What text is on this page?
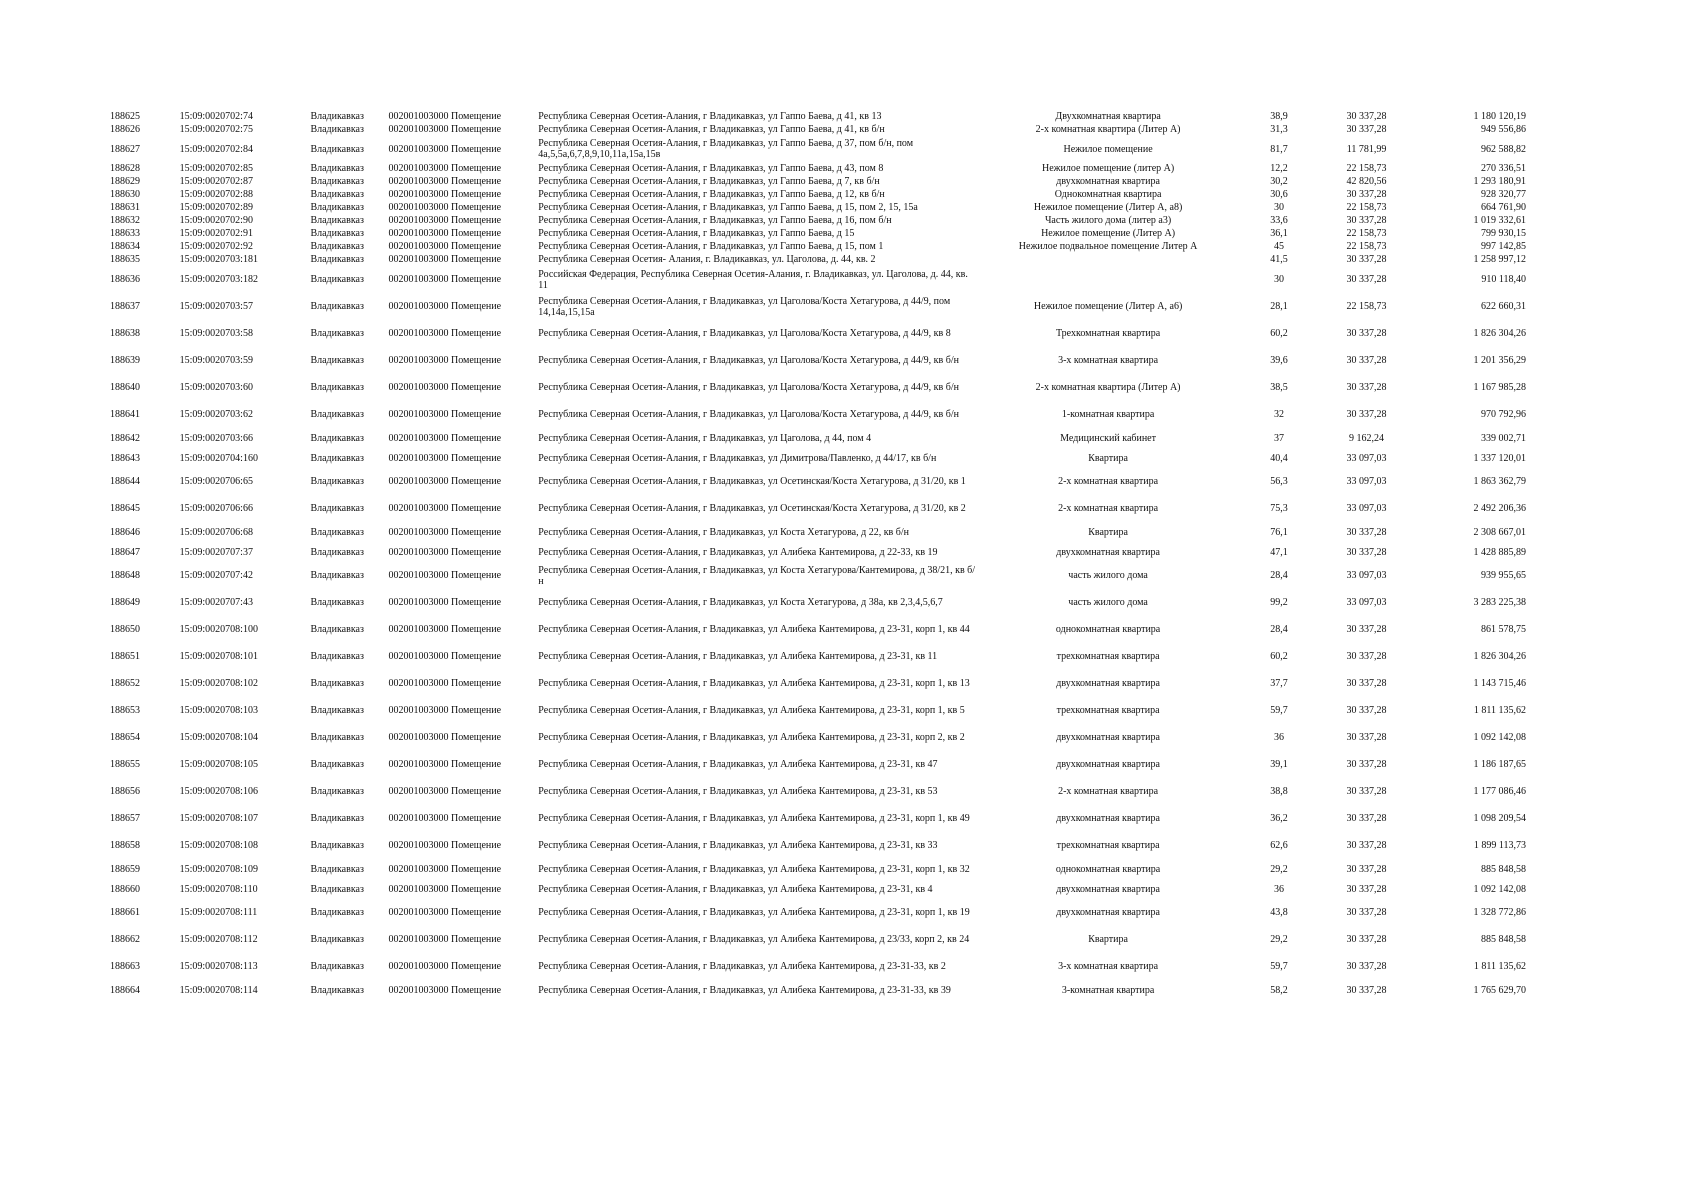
188625	15:09:0020702:74	Владикавказ	002001003000 Помещение	Республика Северная Осетия-Алания, г Владикавказ, ул Гаппо Баева, д 41, кв 13	Двухкомнатная квартира	38,9	30 337,28	1 180 120,19
188626	15:09:0020702:75	Владикавказ	002001003000 Помещение	Республика Северная Осетия-Алания, г Владикавказ, ул Гаппо Баева, д 41, кв б/н	2-х комнатная квартира (Литер А)	31,3	30 337,28	949 556,86
188627	15:09:0020702:84	Владикавказ	002001003000 Помещение	Республика Северная Осетия-Алания, г Владикавказ, ул Гаппо Баева, д 37, пом б/н, пом 4а,5,5а,6,7,8,9,10,11а,15а,15в	Нежилое помещение	81,7	11 781,99	962 588,82
188628	15:09:0020702:85	Владикавказ	002001003000 Помещение	Республика Северная Осетия-Алания, г Владикавказ, ул Гаппо Баева, д 43, пом 8	Нежилое помещение (литер А)	12,2	22 158,73	270 336,51
188629	15:09:0020702:87	Владикавказ	002001003000 Помещение	Республика Северная Осетия-Алания, г Владикавказ, ул Гаппо Баева, д 7, кв б/н	двухкомнатная квартира	30,2	42 820,56	1 293 180,91
188630	15:09:0020702:88	Владикавказ	002001003000 Помещение	Республика Северная Осетия-Алания, г Владикавказ, ул Гаппо Баева, д 12, кв б/н	Однокомнатная квартира	30,6	30 337,28	928 320,77
188631	15:09:0020702:89	Владикавказ	002001003000 Помещение	Республика Северная Осетия-Алания, г Владикавказ, ул Гаппо Баева, д 15, пом 2, 15, 15а	Нежилое помещение (Литер А, а8)	30	22 158,73	664 761,90
188632	15:09:0020702:90	Владикавказ	002001003000 Помещение	Республика Северная Осетия-Алания, г Владикавказ, ул Гаппо Баева, д 16, пом б/н	Часть жилого дома (литер а3)	33,6	30 337,28	1 019 332,61
188633	15:09:0020702:91	Владикавказ	002001003000 Помещение	Республика Северная Осетия-Алания, г Владикавказ, ул Гаппо Баева, д 15	Нежилое помещение (Литер А)	36,1	22 158,73	799 930,15
188634	15:09:0020702:92	Владикавказ	002001003000 Помещение	Республика Северная Осетия-Алания, г Владикавказ, ул Гаппо Баева, д 15, пом 1	Нежилое подвальное помещение Литер А	45	22 158,73	997 142,85
188635	15:09:0020703:181	Владикавказ	002001003000 Помещение	Республика Северная Осетия- Алания, г. Владикавказ, ул. Цаголова, д. 44, кв. 2		41,5	30 337,28	1 258 997,12
188636	15:09:0020703:182	Владикавказ	002001003000 Помещение	Российская Федерация, Республика Северная Осетия-Алания, г. Владикавказ, ул. Цаголова, д. 44, кв. 11		30	30 337,28	910 118,40
188637	15:09:0020703:57	Владикавказ	002001003000 Помещение	Республика Северная Осетия-Алания, г Владикавказ, ул Цаголова/Коста Хетагурова, д 44/9, пом 14,14а,15,15а	Нежилое помещение (Литер А, а6)	28,1	22 158,73	622 660,31
188638	15:09:0020703:58	Владикавказ	002001003000 Помещение	Республика Северная Осетия-Алания, г Владикавказ, ул Цаголова/Коста Хетагурова, д 44/9, кв 8	Трехкомнатная квартира	60,2	30 337,28	1 826 304,26
188639	15:09:0020703:59	Владикавказ	002001003000 Помещение	Республика Северная Осетия-Алания, г Владикавказ, ул Цаголова/Коста Хетагурова, д 44/9, кв б/н	3-х комнатная квартира	39,6	30 337,28	1 201 356,29
188640	15:09:0020703:60	Владикавказ	002001003000 Помещение	Республика Северная Осетия-Алания, г Владикавказ, ул Цаголова/Коста Хетагурова, д 44/9, кв б/н	2-х комнатная квартира (Литер А)	38,5	30 337,28	1 167 985,28
188641	15:09:0020703:62	Владикавказ	002001003000 Помещение	Республика Северная Осетия-Алания, г Владикавказ, ул Цаголова/Коста Хетагурова, д 44/9, кв б/н	1-комнатная квартира	32	30 337,28	970 792,96
188642	15:09:0020703:66	Владикавказ	002001003000 Помещение	Республика Северная Осетия-Алания, г Владикавказ, ул Цаголова, д 44, пом 4	Медицинский кабинет	37	9 162,24	339 002,71
188643	15:09:0020704:160	Владикавказ	002001003000 Помещение	Республика Северная Осетия-Алания, г Владикавказ, ул Димитрова/Павленко, д 44/17, кв б/н	Квартира	40,4	33 097,03	1 337 120,01
188644	15:09:0020706:65	Владикавказ	002001003000 Помещение	Республика Северная Осетия-Алания, г Владикавказ, ул Осетинская/Коста Хетагурова, д 31/20, кв 1	2-х комнатная квартира	56,3	33 097,03	1 863 362,79
188645	15:09:0020706:66	Владикавказ	002001003000 Помещение	Республика Северная Осетия-Алания, г Владикавказ, ул Осетинская/Коста Хетагурова, д 31/20, кв 2	2-х комнатная квартира	75,3	33 097,03	2 492 206,36
188646	15:09:0020706:68	Владикавказ	002001003000 Помещение	Республика Северная Осетия-Алания, г Владикавказ, ул Коста Хетагурова, д 22, кв б/н	Квартира	76,1	30 337,28	2 308 667,01
188647	15:09:0020707:37	Владикавказ	002001003000 Помещение	Республика Северная Осетия-Алания, г Владикавказ, ул Алибека Кантемирова, д 22-33, кв 19	двухкомнатная квартира	47,1	30 337,28	1 428 885,89
188648	15:09:0020707:42	Владикавказ	002001003000 Помещение	Республика Северная Осетия-Алания, г Владикавказ, ул Коста Хетагурова/Кантемирова, д 38/21, кв б/н	часть жилого дома	28,4	33 097,03	939 955,65
188649	15:09:0020707:43	Владикавказ	002001003000 Помещение	Республика Северная Осетия-Алания, г Владикавказ, ул Коста Хетагурова, д 38а, кв 2,3,4,5,6,7	часть жилого дома	99,2	33 097,03	3 283 225,38
188650	15:09:0020708:100	Владикавказ	002001003000 Помещение	Республика Северная Осетия-Алания, г Владикавказ, ул Алибека Кантемирова, д 23-31, корп 1, кв 44	однокомнатная квартира	28,4	30 337,28	861 578,75
188651	15:09:0020708:101	Владикавказ	002001003000 Помещение	Республика Северная Осетия-Алания, г Владикавказ, ул Алибека Кантемирова, д 23-31, кв 11	трехкомнатная квартира	60,2	30 337,28	1 826 304,26
188652	15:09:0020708:102	Владикавказ	002001003000 Помещение	Республика Северная Осетия-Алания, г Владикавказ, ул Алибека Кантемирова, д 23-31, корп 1, кв 13	двухкомнатная квартира	37,7	30 337,28	1 143 715,46
188653	15:09:0020708:103	Владикавказ	002001003000 Помещение	Республика Северная Осетия-Алания, г Владикавказ, ул Алибека Кантемирова, д 23-31, корп 1, кв 5	трехкомнатная квартира	59,7	30 337,28	1 811 135,62
188654	15:09:0020708:104	Владикавказ	002001003000 Помещение	Республика Северная Осетия-Алания, г Владикавказ, ул Алибека Кантемирова, д 23-31, корп 2, кв 2	двухкомнатная квартира	36	30 337,28	1 092 142,08
188655	15:09:0020708:105	Владикавказ	002001003000 Помещение	Республика Северная Осетия-Алания, г Владикавказ, ул Алибека Кантемирова, д 23-31, кв 47	двухкомнатная квартира	39,1	30 337,28	1 186 187,65
188656	15:09:0020708:106	Владикавказ	002001003000 Помещение	Республика Северная Осетия-Алания, г Владикавказ, ул Алибека Кантемирова, д 23-31, кв 53	2-х комнатная квартира	38,8	30 337,28	1 177 086,46
188657	15:09:0020708:107	Владикавказ	002001003000 Помещение	Республика Северная Осетия-Алания, г Владикавказ, ул Алибека Кантемирова, д 23-31, корп 1, кв 49	двухкомнатная квартира	36,2	30 337,28	1 098 209,54
188658	15:09:0020708:108	Владикавказ	002001003000 Помещение	Республика Северная Осетия-Алания, г Владикавказ, ул Алибека Кантемирова, д 23-31, кв 33	трехкомнатная квартира	62,6	30 337,28	1 899 113,73
188659	15:09:0020708:109	Владикавказ	002001003000 Помещение	Республика Северная Осетия-Алания, г Владикавказ, ул Алибека Кантемирова, д 23-31, корп 1, кв 32	однокомнатная квартира	29,2	30 337,28	885 848,58
188660	15:09:0020708:110	Владикавказ	002001003000 Помещение	Республика Северная Осетия-Алания, г Владикавказ, ул Алибека Кантемирова, д 23-31, кв 4	двухкомнатная квартира	36	30 337,28	1 092 142,08
188661	15:09:0020708:111	Владикавказ	002001003000 Помещение	Республика Северная Осетия-Алания, г Владикавказ, ул Алибека Кантемирова, д 23-31, корп 1, кв 19	двухкомнатная квартира	43,8	30 337,28	1 328 772,86
188662	15:09:0020708:112	Владикавказ	002001003000 Помещение	Республика Северная Осетия-Алания, г Владикавказ, ул Алибека Кантемирова, д 23/33, корп 2, кв 24	Квартира	29,2	30 337,28	885 848,58
188663	15:09:0020708:113	Владикавказ	002001003000 Помещение	Республика Северная Осетия-Алания, г Владикавказ, ул Алибека Кантемирова, д 23-31-33, кв 2	3-х комнатная квартира	59,7	30 337,28	1 811 135,62
188664	15:09:0020708:114	Владикавказ	002001003000 Помещение	Республика Северная Осетия-Алания, г Владикавказ, ул Алибека Кантемирова, д 23-31-33, кв 39	3-комнатная квартира	58,2	30 337,28	1 765 629,70
